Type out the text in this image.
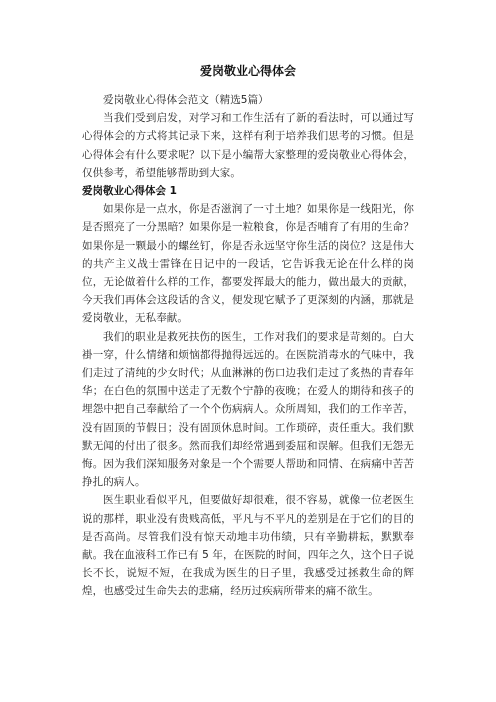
爱岗敬业心得体会

爱岗敬业心得体会范文（精选5篇）

当我们受到启发，对学习和工作生活有了新的看法时，可以通过写心得体会的方式将其记录下来，这样有利于培养我们思考的习惯。但是心得体会有什么要求呢？以下是小编帮大家整理的爱岗敬业心得体会，仅供参考，希望能够帮助到大家。

爱岗敬业心得体会 1

如果你是一点水，你是否滋润了一寸土地？如果你是一线阳光，你是否照亮了一分黑暗？如果你是一粒粮食，你是否哺育了有用的生命？如果你是一颗最小的螺丝钉，你是否永远坚守你生活的岗位？这是伟大的共产主义战士雷锋在日记中的一段话，它告诉我无论在什么样的岗位，无论做着什么样的工作，都要发挥最大的能力，做出最大的贡献，今天我们再体会这段话的含义，便发现它赋予了更深刻的内涵，那就是爱岗敬业，无私奉献。

我们的职业是救死扶伤的医生，工作对我们的要求是苛刻的。白大褂一穿，什么情绪和烦恼都得抛得远远的。在医院消毒水的气味中，我们走过了清纯的少女时代；从血淋淋的伤口边我们走过了炙热的青春年华；在白色的氛围中送走了无数个宁静的夜晚；在爱人的期待和孩子的埋怨中把自己奉献给了一个个伤病病人。众所周知，我们的工作辛苦，没有固顶的节假日；没有固顶休息时间。工作琐碎，责任重大。我们默默无闻的付出了很多。然而我们却经常遇到委屈和误解。但我们无怨无悔。因为我们深知服务对象是一个个需要人帮助和同情、在病痛中苦苦挣扎的病人。

医生职业看似平凡，但要做好却很难，很不容易，就像一位老医生说的那样，职业没有贵贱高低，平凡与不平凡的差别是在于它们的目的是否高尚。尽管我们没有惊天动地丰功伟绩，只有辛勤耕耘，默默奉献。我在血液科工作已有 5 年，在医院的时间，四年之久，这个日子说长不长，说短不短，在我成为医生的日子里，我感受过拯救生命的辉煌，也感受过生命失去的悲痛，经历过疾病所带来的痛不欲生。
